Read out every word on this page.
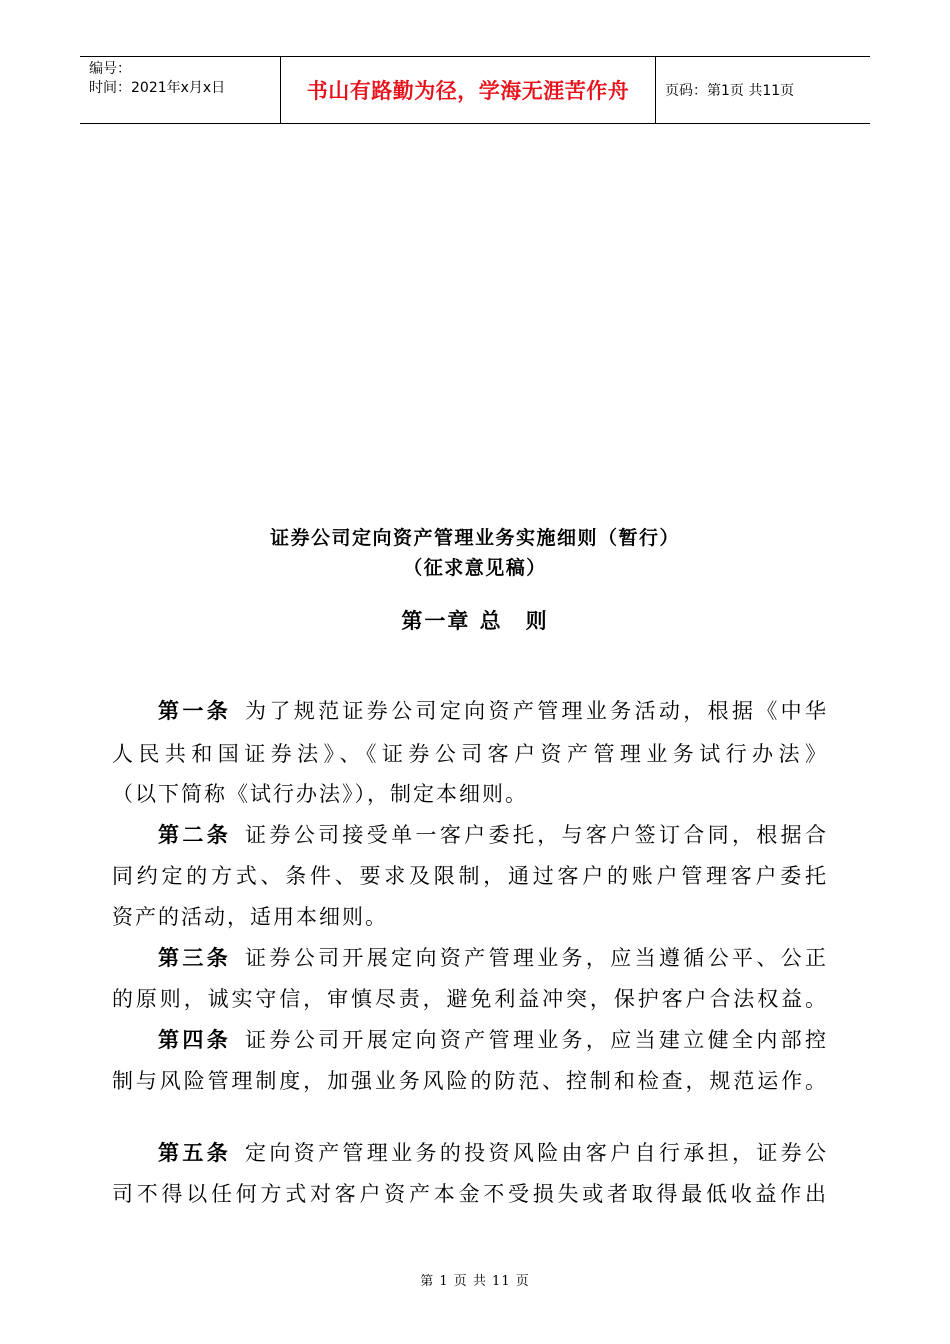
编号：
时间：2021年x月x日	书山有路勤为径，学海无涯苦作舟	页码：第1页 共11页
证券公司定向资产管理业务实施细则（暂行）
（征求意见稿）
第一章 总　则
第一条 为了规范证券公司定向资产管理业务活动，根据《中华
人民共和国证券法》、《证券公司客户资产管理业务试行办法》
（以下简称《试行办法》），制定本细则。
第二条 证券公司接受单一客户委托，与客户签订合同，根据合
同约定的方式、条件、要求及限制，通过客户的账户管理客户委托
资产的活动，适用本细则。
第三条 证券公司开展定向资产管理业务，应当遵循公平、公正
的原则，诚实守信，审慎尽责，避免利益冲突，保护客户合法权益。
第四条 证券公司开展定向资产管理业务，应当建立健全内部控
制与风险管理制度，加强业务风险的防范、控制和检查，规范运作。
第五条 定向资产管理业务的投资风险由客户自行承担，证券公
司不得以任何方式对客户资产本金不受损失或者取得最低收益作出
第 1 页 共 11 页
